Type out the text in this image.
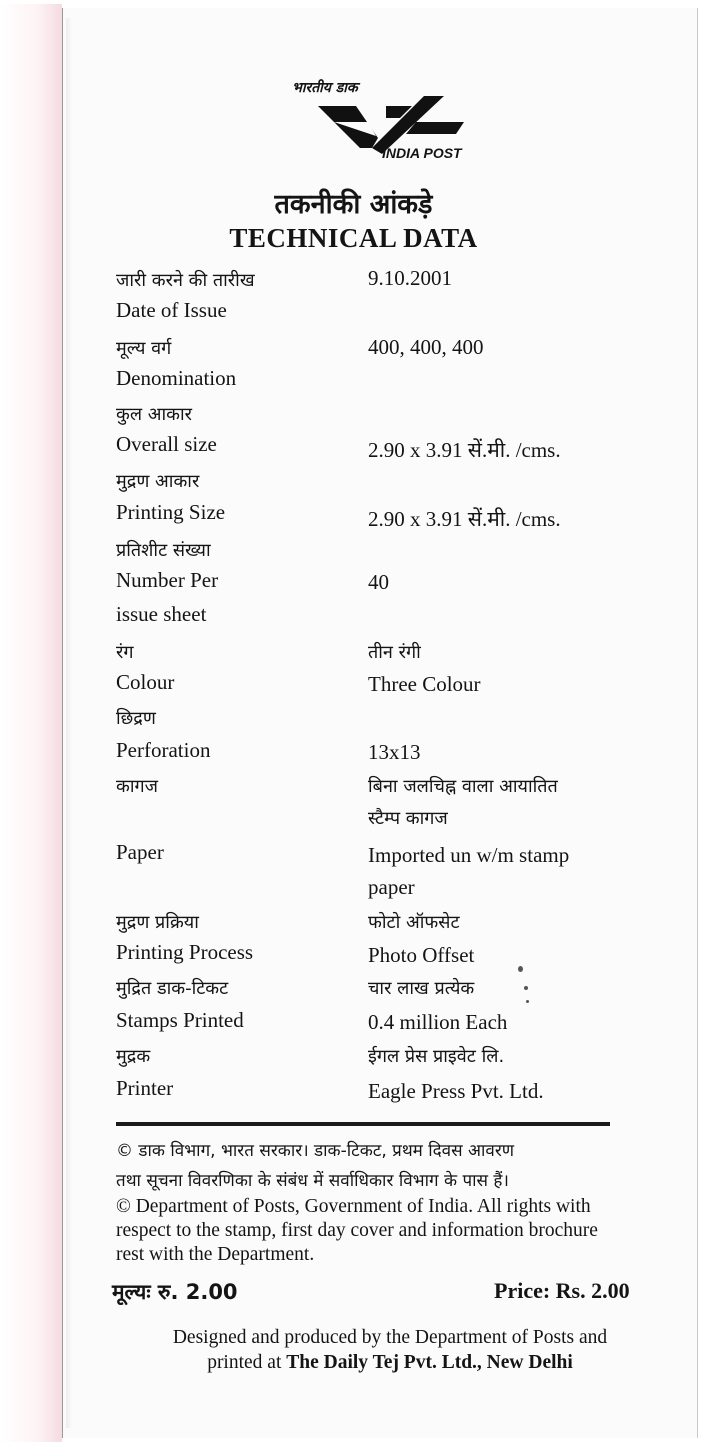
भारतीय डाक
INDIA POST
तकनीकी आंकड़े
TECHNICAL DATA
जारी करने की तारीख	9.10.2001
Date of Issue
मूल्य वर्ग	400, 400, 400
Denomination
कुल आकार
Overall size	2.90 x 3.91 सें.मी. /cms.
मुद्रण आकार
Printing Size	2.90 x 3.91 सें.मी. /cms.
प्रतिशीट संख्या
Number Per	40
issue sheet
रंग	तीन रंगी
Colour	Three Colour
छिद्रण
Perforation	13x13
कागज	बिना जलचिह्न वाला आयातित
स्टैम्प कागज
Paper	Imported un w/m stamp
paper
मुद्रण प्रक्रिया	फोटो ऑफसेट
Printing Process	Photo Offset
मुद्रित डाक-टिकट	चार लाख प्रत्येक
Stamps Printed	0.4 million Each
मुद्रक	ईगल प्रेस प्राइवेट लि.
Printer	Eagle Press Pvt. Ltd.
© डाक विभाग, भारत सरकार। डाक-टिकट, प्रथम दिवस आवरण
तथा सूचना विवरणिका के संबंध में सर्वाधिकार विभाग के पास हैं।
© Department of Posts, Government of India. All rights with
respect to the stamp, first day cover and information brochure
rest with the Department.
मूल्यः रु. 2.00	Price: Rs. 2.00
Designed and produced by the Department of Posts and
printed at The Daily Tej Pvt. Ltd., New Delhi
